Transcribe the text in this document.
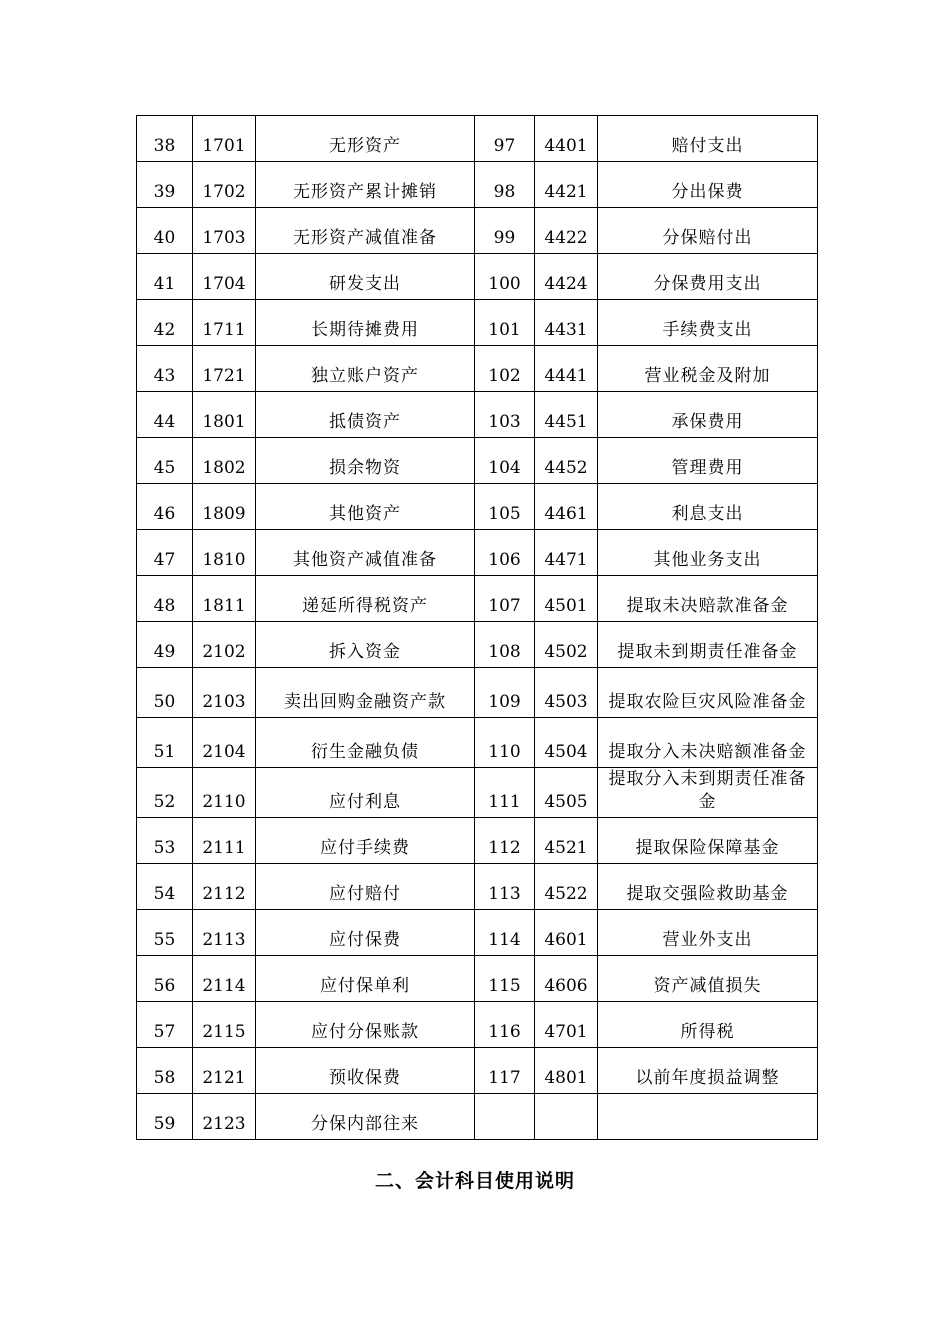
38	1701	无形资产	97	4401	赔付支出
39	1702	无形资产累计摊销	98	4421	分出保费
40	1703	无形资产减值准备	99	4422	分保赔付出
41	1704	研发支出	100	4424	分保费用支出
42	1711	长期待摊费用	101	4431	手续费支出
43	1721	独立账户资产	102	4441	营业税金及附加
44	1801	抵债资产	103	4451	承保费用
45	1802	损余物资	104	4452	管理费用
46	1809	其他资产	105	4461	利息支出
47	1810	其他资产减值准备	106	4471	其他业务支出
48	1811	递延所得税资产	107	4501	提取未决赔款准备金
49	2102	拆入资金	108	4502	提取未到期责任准备金
50	2103	卖出回购金融资产款	109	4503	提取农险巨灾风险准备金
51	2104	衍生金融负债	110	4504	提取分入未决赔额准备金
52	2110	应付利息	111	4505	提取分入未到期责任准备金
53	2111	应付手续费	112	4521	提取保险保障基金
54	2112	应付赔付	113	4522	提取交强险救助基金
55	2113	应付保费	114	4601	营业外支出
56	2114	应付保单利	115	4606	资产减值损失
57	2115	应付分保账款	116	4701	所得税
58	2121	预收保费	117	4801	以前年度损益调整
59	2123	分保内部往来			
二、会计科目使用说明
